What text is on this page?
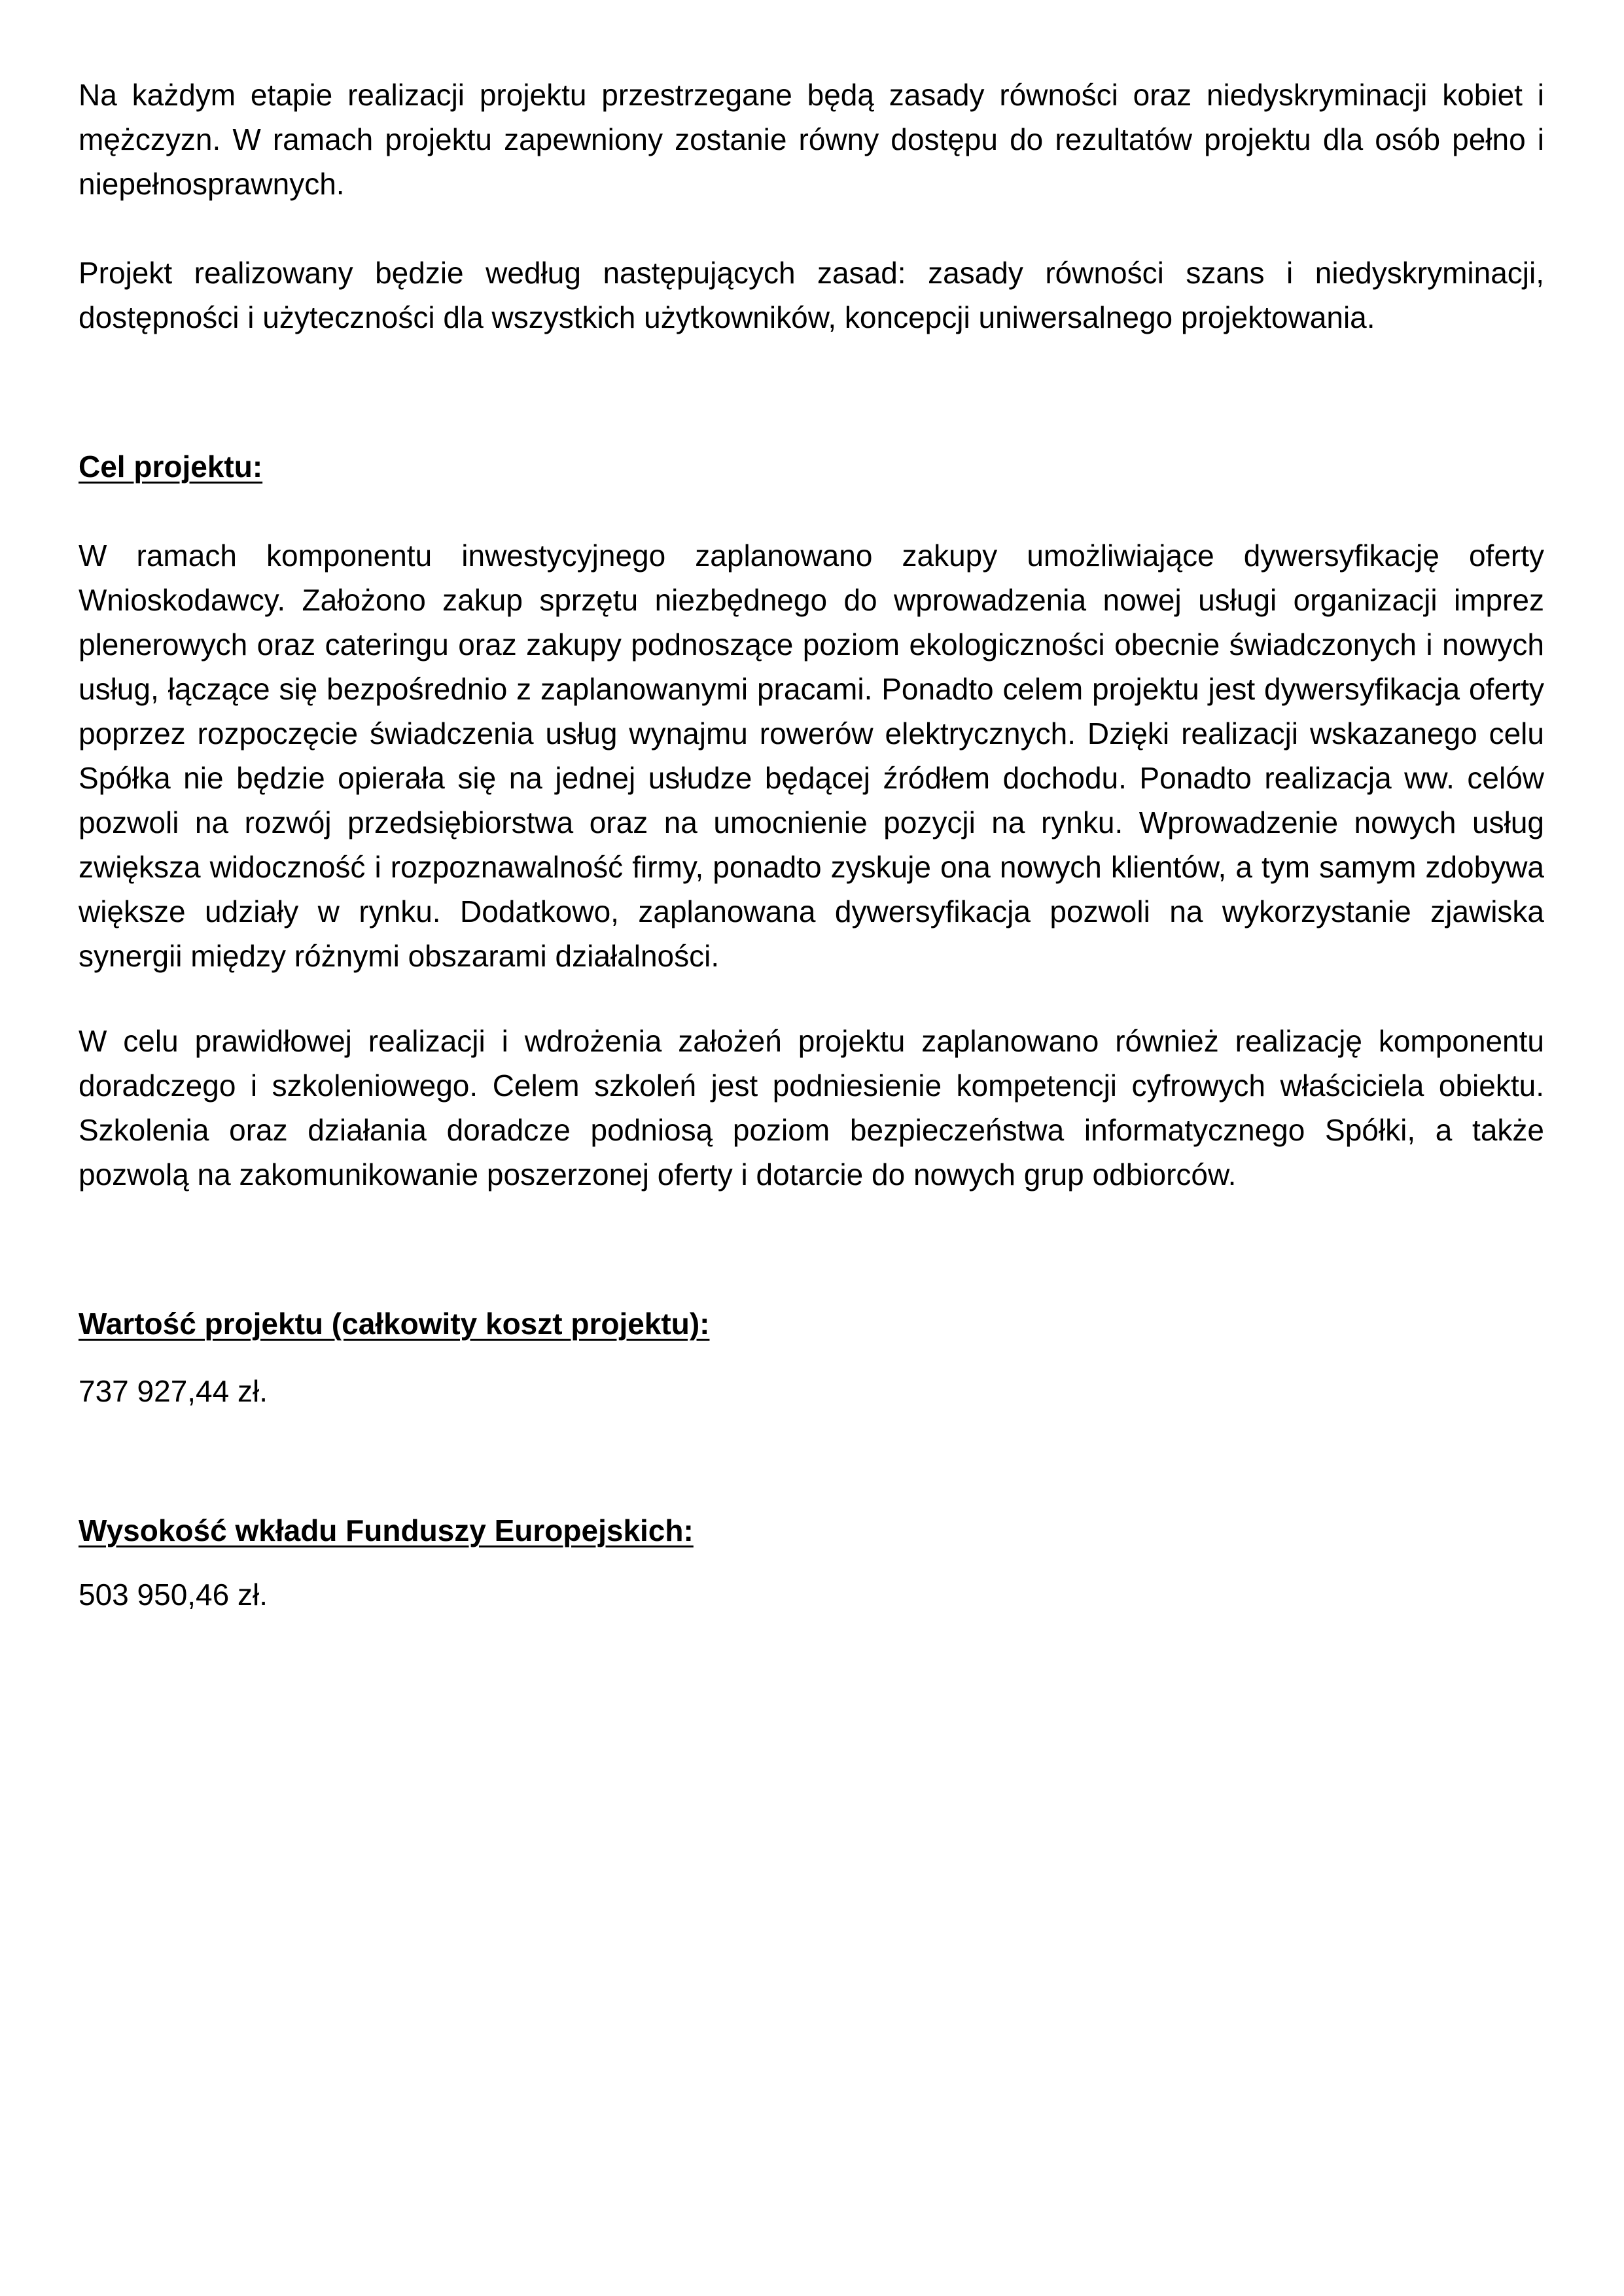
Na każdym etapie realizacji projektu przestrzegane będą zasady równości oraz niedyskryminacji kobiet i mężczyzn. W ramach projektu zapewniony zostanie równy dostępu do rezultatów projektu dla osób pełno i niepełnosprawnych.

Projekt realizowany będzie według następujących zasad: zasady równości szans i niedyskryminacji, dostępności i użyteczności dla wszystkich użytkowników, koncepcji uniwersalnego projektowania.

Cel projektu:

W ramach komponentu inwestycyjnego zaplanowano zakupy umożliwiające dywersyfikację oferty Wnioskodawcy. Założono zakup sprzętu niezbędnego do wprowadzenia nowej usługi organizacji imprez plenerowych oraz cateringu oraz zakupy podnoszące poziom ekologiczności obecnie świadczonych i nowych usług, łączące się bezpośrednio z zaplanowanymi pracami. Ponadto celem projektu jest dywersyfikacja oferty poprzez rozpoczęcie świadczenia usług wynajmu rowerów elektrycznych. Dzięki realizacji wskazanego celu Spółka nie będzie opierała się na jednej usłudze będącej źródłem dochodu. Ponadto realizacja ww. celów pozwoli na rozwój przedsiębiorstwa oraz na umocnienie pozycji na rynku. Wprowadzenie nowych usług zwiększa widoczność i rozpoznawalność firmy, ponadto zyskuje ona nowych klientów, a tym samym zdobywa większe udziały w rynku. Dodatkowo, zaplanowana dywersyfikacja pozwoli na wykorzystanie zjawiska synergii między różnymi obszarami działalności.

W celu prawidłowej realizacji i wdrożenia założeń projektu zaplanowano również realizację komponentu doradczego i szkoleniowego. Celem szkoleń jest podniesienie kompetencji cyfrowych właściciela obiektu. Szkolenia oraz działania doradcze podniosą poziom bezpieczeństwa informatycznego Spółki, a także pozwolą na zakomunikowanie poszerzonej oferty i dotarcie do nowych grup odbiorców.

Wartość projektu (całkowity koszt projektu):

737 927,44 zł.

Wysokość wkładu Funduszy Europejskich:

503 950,46 zł.
